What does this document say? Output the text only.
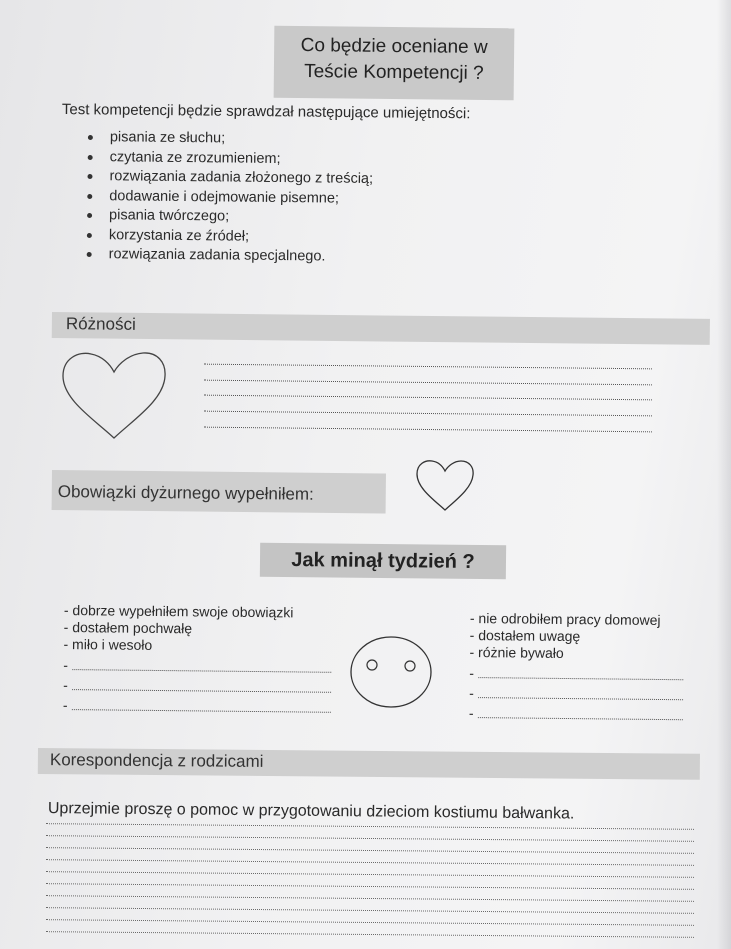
Co będzie oceniane w
Teście Kompetencji ?
Test kompetencji będzie sprawdzał następujące umiejętności:
pisania ze słuchu;
czytania ze zrozumieniem;
rozwiązania zadania złożonego z treścią;
dodawanie i odejmowanie pisemne;
pisania twórczego;
korzystania ze źródeł;
rozwiązania zadania specjalnego.
Różności
Obowiązki dyżurnego wypełniłem:
Jak minął tydzień ?
- dobrze wypełniłem swoje obowiązki
- dostałem pochwałę
- miło i wesoło
-
-
-
- nie odrobiłem pracy domowej
- dostałem uwagę
- różnie bywało
-
-
-
Korespondencja z rodzicami
Uprzejmie proszę o pomoc w przygotowaniu dzieciom kostiumu bałwanka.
